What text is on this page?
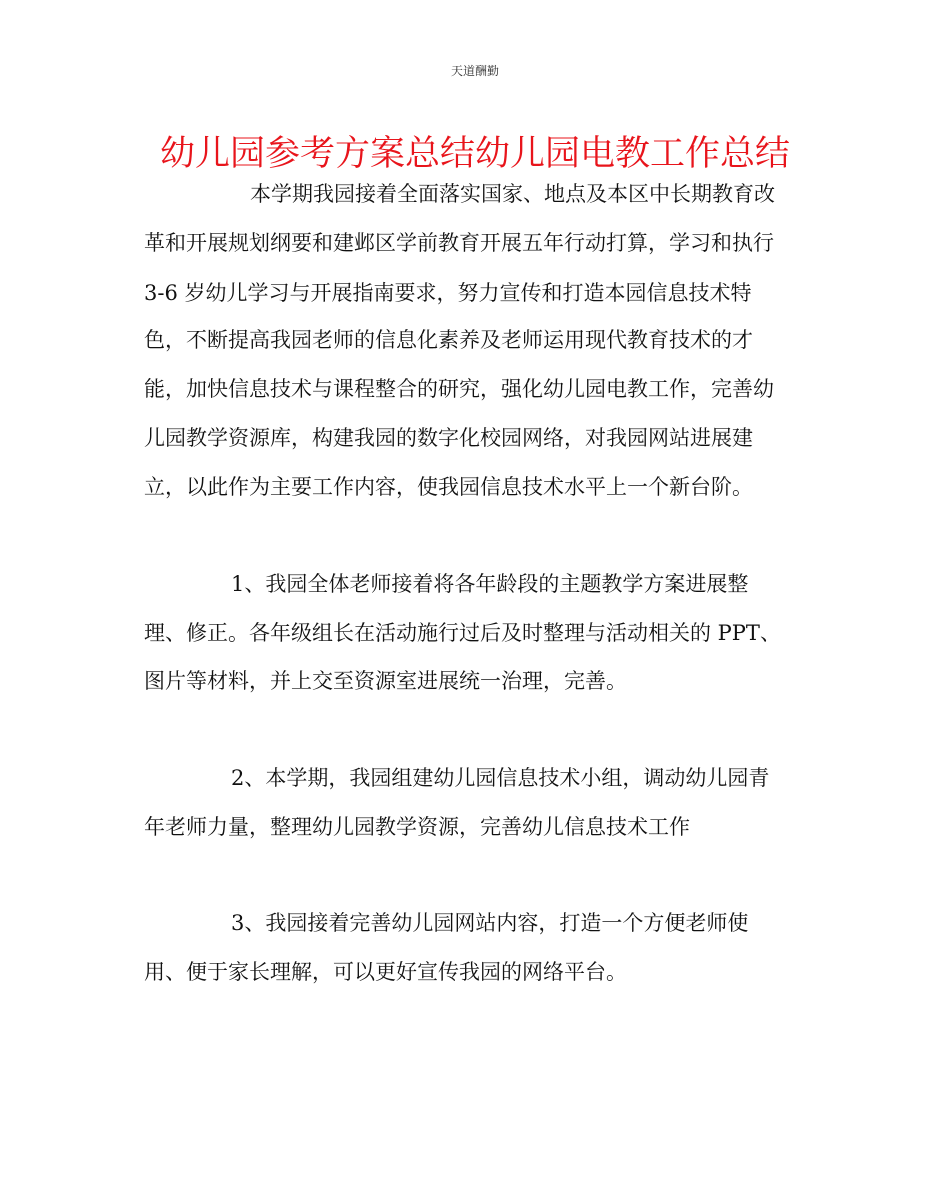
天道酬勤
幼儿园参考方案总结幼儿园电教工作总结
本学期我园接着全面落实国家、地点及本区中长期教育改
革和开展规划纲要和建邺区学前教育开展五年行动打算，学习和执行
3-6 岁幼儿学习与开展指南要求，努力宣传和打造本园信息技术特
色，不断提高我园老师的信息化素养及老师运用现代教育技术的才
能，加快信息技术与课程整合的研究，强化幼儿园电教工作，完善幼
儿园教学资源库，构建我园的数字化校园网络，对我园网站进展建
立，以此作为主要工作内容，使我园信息技术水平上一个新台阶。
1、我园全体老师接着将各年龄段的主题教学方案进展整
理、修正。各年级组长在活动施行过后及时整理与活动相关的 PPT、
图片等材料，并上交至资源室进展统一治理，完善。
2、本学期，我园组建幼儿园信息技术小组，调动幼儿园青
年老师力量，整理幼儿园教学资源，完善幼儿信息技术工作
3、我园接着完善幼儿园网站内容，打造一个方便老师使
用、便于家长理解，可以更好宣传我园的网络平台。
